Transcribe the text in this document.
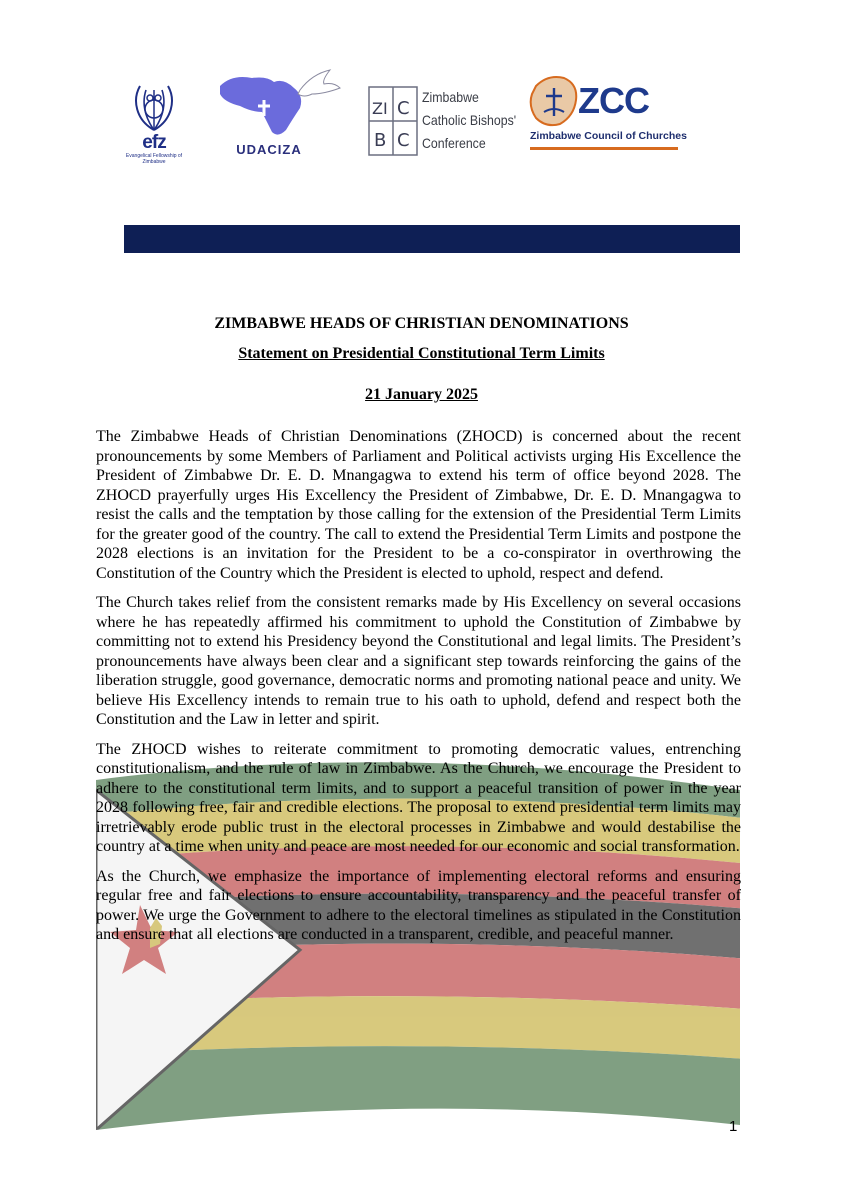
efz
Evangelical Fellowship of Zimbabwe
UDACIZA
ZI C
B C
Zimbabwe
Catholic Bishops'
Conference
ZCC
Zimbabwe Council of Churches
ZIMBABWE HEADS OF CHRISTIAN DENOMINATIONS
Statement on Presidential Constitutional Term Limits
21 January 2025

The Zimbabwe Heads of Christian Denominations (ZHOCD) is concerned about the recent pronouncements by some Members of Parliament and Political activists urging His Excellence the President of Zimbabwe Dr. E. D. Mnangagwa to extend his term of office beyond 2028. The ZHOCD prayerfully urges His Excellency the President of Zimbabwe, Dr. E. D. Mnangagwa to resist the calls and the temptation by those calling for the extension of the Presidential Term Limits for the greater good of the country. The call to extend the Presidential Term Limits and postpone the 2028 elections is an invitation for the President to be a co-conspirator in overthrowing the Constitution of the Country which the President is elected to uphold, respect and defend.

The Church takes relief from the consistent remarks made by His Excellency on several occasions where he has repeatedly affirmed his commitment to uphold the Constitution of Zimbabwe by committing not to extend his Presidency beyond the Constitutional and legal limits. The President’s pronouncements have always been clear and a significant step towards reinforcing the gains of the liberation struggle, good governance, democratic norms and promoting national peace and unity. We believe His Excellency intends to remain true to his oath to uphold, defend and respect both the Constitution and the Law in letter and spirit.

The ZHOCD wishes to reiterate commitment to promoting democratic values, entrenching constitutionalism, and the rule of law in Zimbabwe. As the Church, we encourage the President to adhere to the constitutional term limits, and to support a peaceful transition of power in the year 2028 following free, fair and credible elections. The proposal to extend presidential term limits may irretrievably erode public trust in the electoral processes in Zimbabwe and would destabilise the country at a time when unity and peace are most needed for our economic and social transformation.

As the Church, we emphasize the importance of implementing electoral reforms and ensuring regular free and fair elections to ensure accountability, transparency and the peaceful transfer of power. We urge the Government to adhere to the electoral timelines as stipulated in the Constitution and ensure that all elections are conducted in a transparent, credible, and peaceful manner.

1
